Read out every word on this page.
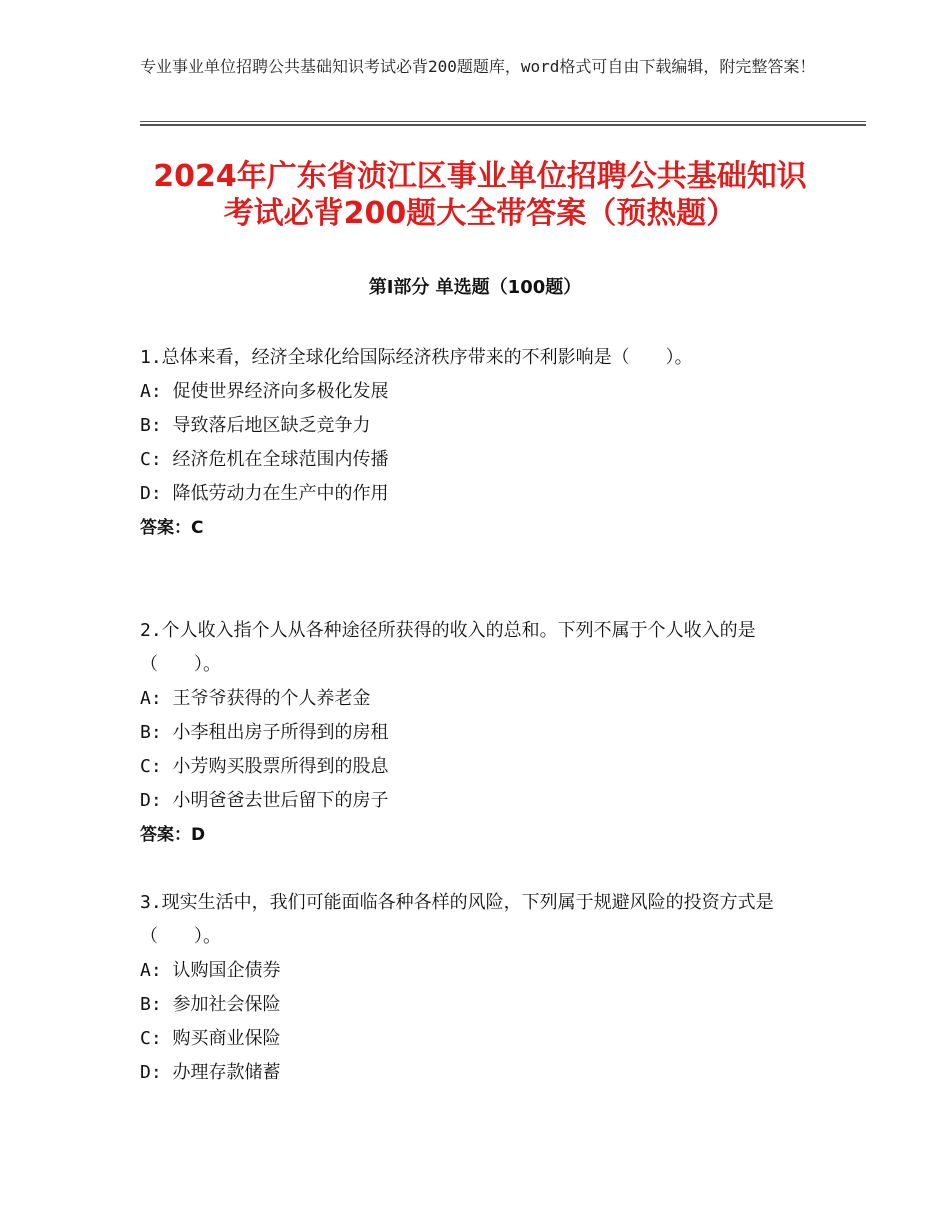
专业事业单位招聘公共基础知识考试必背200题题库，word格式可自由下载编辑，附完整答案！
2024年广东省浈江区事业单位招聘公共基础知识考试必背200题大全带答案（预热题）
第Ⅰ部分 单选题（100题）
1.总体来看，经济全球化给国际经济秩序带来的不利影响是（　　）。
A: 促使世界经济向多极化发展
B: 导致落后地区缺乏竞争力
C: 经济危机在全球范围内传播
D: 降低劳动力在生产中的作用
答案：C
2.个人收入指个人从各种途径所获得的收入的总和。下列不属于个人收入的是（　　）。
A: 王爷爷获得的个人养老金
B: 小李租出房子所得到的房租
C: 小芳购买股票所得到的股息
D: 小明爸爸去世后留下的房子
答案：D
3.现实生活中，我们可能面临各种各样的风险，下列属于规避风险的投资方式是（　　）。
A: 认购国企债券
B: 参加社会保险
C: 购买商业保险
D: 办理存款储蓄
